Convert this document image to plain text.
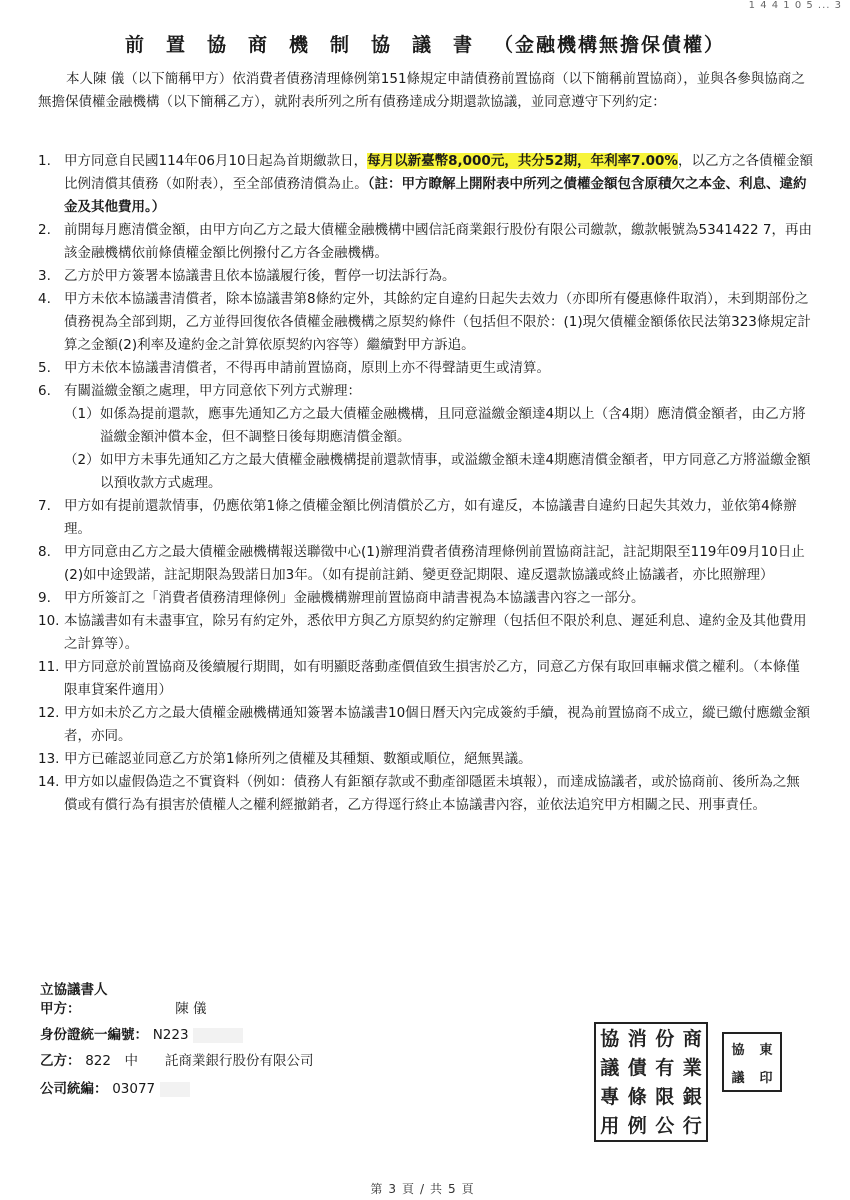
1 4 4 1 0 5 ... 3
前置協商機制協議書（金融機構無擔保債權）
本人陳 儀（以下簡稱甲方）依消費者債務清理條例第151條規定申請債務前置協商（以下簡稱前置協商），並與各參與協商之無擔保債權金融機構（以下簡稱乙方），就附表所列之所有債務達成分期還款協議，並同意遵守下列約定：
1. 甲方同意自民國114年06月10日起為首期繳款日，每月以新臺幣8,000元，共分52期，年利率7.00%，以乙方之各債權金額比例清償其債務（如附表），至全部債務清償為止。（註：甲方瞭解上開附表中所列之債權金額包含原積欠之本金、利息、違約金及其他費用。）
2. 前開每月應清償金額，由甲方向乙方之最大債權金融機構中國信託商業銀行股份有限公司繳款，繳款帳號為5341422 7，再由該金融機構依前條債權金額比例撥付乙方各金融機構。
3. 乙方於甲方簽署本協議書且依本協議履行後，暫停一切法訴行為。
4. 甲方未依本協議書清償者，除本協議書第8條約定外，其餘約定自違約日起失去效力（亦即所有優惠條件取消），未到期部份之債務視為全部到期，乙方並得回復依各債權金融機構之原契約條件（包括但不限於：(1)現欠債權金額係依民法第323條規定計算之金額(2)利率及違約金之計算依原契約內容等）繼續對甲方訴追。
5. 甲方未依本協議書清償者，不得再申請前置協商，原則上亦不得聲請更生或清算。
6. 有關溢繳金額之處理，甲方同意依下列方式辦理：
（1） 如係為提前還款，應事先通知乙方之最大債權金融機構，且同意溢繳金額達4期以上（含4期）應清償金額者，由乙方將溢繳金額沖償本金，但不調整日後每期應清償金額。
（2） 如甲方未事先通知乙方之最大債權金融機構提前還款情事，或溢繳金額未達4期應清償金額者，甲方同意乙方將溢繳金額以預收款方式處理。
7. 甲方如有提前還款情事，仍應依第1條之債權金額比例清償於乙方，如有違反，本協議書自違約日起失其效力，並依第4條辦理。
8. 甲方同意由乙方之最大債權金融機構報送聯徵中心(1)辦理消費者債務清理條例前置協商註記，註記期限至119年09月10日止(2)如中途毀諾，註記期限為毀諾日加3年。（如有提前註銷、變更登記期限、違反還款協議或終止協議者，亦比照辦理）
9. 甲方所簽訂之「消費者債務清理條例」金融機構辦理前置協商申請書視為本協議書內容之一部分。
10. 本協議書如有未盡事宜，除另有約定外，悉依甲方與乙方原契約約定辦理（包括但不限於利息、遲延利息、違約金及其他費用之計算等）。
11. 甲方同意於前置協商及後續履行期間，如有明顯貶落動產價值致生損害於乙方，同意乙方保有取回車輛求償之權利。（本條僅限車貸案件適用）
12. 甲方如未於乙方之最大債權金融機構通知簽署本協議書10個日曆天內完成簽約手續，視為前置協商不成立，縱已繳付應繳金額者，亦同。
13. 甲方已確認並同意乙方於第1條所列之債權及其種類、數額或順位，絕無異議。
14. 甲方如以虛假偽造之不實資料（例如：債務人有鉅額存款或不動產卻隱匿未填報），而達成協議者，或於協商前、後所為之無償或有償行為有損害於債權人之權利經撤銷者，乙方得逕行終止本協議書內容，並依法追究甲方相關之民、刑事責任。
立協議書人
甲方：	陳 儀
身份證統一編號： N223
乙方： 822　中　　託商業銀行股份有限公司
公司統編： 03077
協 消 份 商
議 債 有 業
專 條 限 銀
用 例 公 行
協	東
議	印
第3頁/共5頁
